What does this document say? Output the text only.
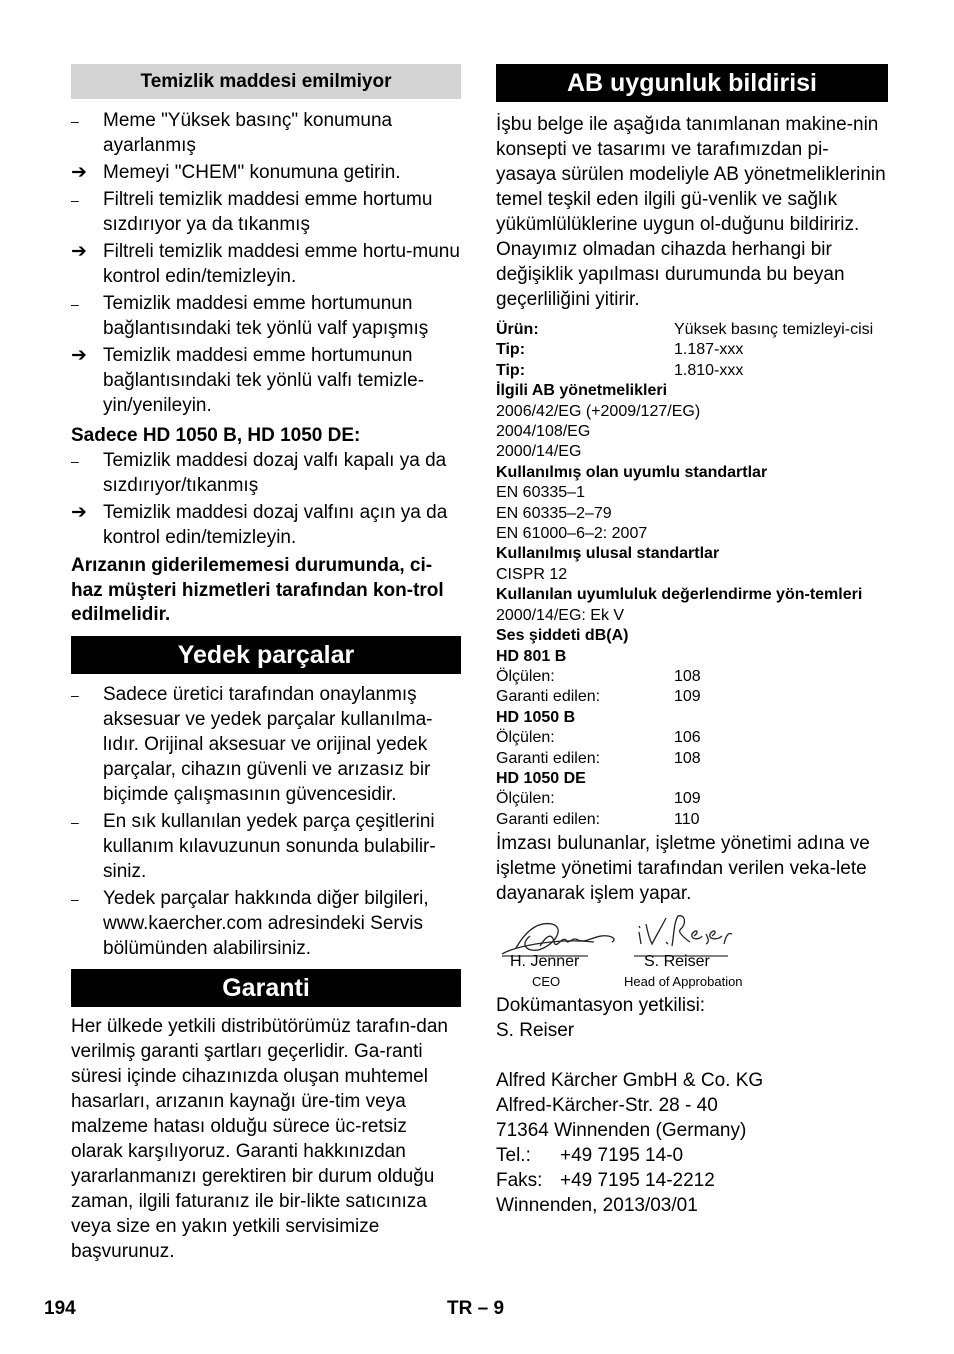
Temizlik maddesi emilmiyor
–	Meme "Yüksek basınç" konumuna ayarlanmış
➔ Memeyi "CHEM" konumuna getirin.
–	Filtreli temizlik maddesi emme hortumu sızdırıyor ya da tıkanmış
➔ Filtreli temizlik maddesi emme hortu-munu kontrol edin/temizleyin.
–	Temizlik maddesi emme hortumunun bağlantısındaki tek yönlü valf yapışmış
➔ Temizlik maddesi emme hortumunun bağlantısındaki tek yönlü valfı temizle-yin/yenileyin.
Sadece HD 1050 B, HD 1050 DE:
–	Temizlik maddesi dozaj valfı kapalı ya da sızdırıyor/tıkanmış
➔ Temizlik maddesi dozaj valfını açın ya da kontrol edin/temizleyin.
Arızanın giderilememesi durumunda, ci-haz müşteri hizmetleri tarafından kon-trol edilmelidir.
Yedek parçalar
–	Sadece üretici tarafından onaylanmış aksesuar ve yedek parçalar kullanılma-lıdır. Orijinal aksesuar ve orijinal yedek parçalar, cihazın güvenli ve arızasız bir biçimde çalışmasının güvencesidir.
–	En sık kullanılan yedek parça çeşitlerini kullanım kılavuzunun sonunda bulabilir-siniz.
–	Yedek parçalar hakkında diğer bilgileri, www.kaercher.com adresindeki Servis bölümünden alabilirsiniz.
Garanti
Her ülkede yetkili distribütörümüz tarafın-dan verilmiş garanti şartları geçerlidir. Ga-ranti süresi içinde cihazınızda oluşan muhtemel hasarları, arızanın kaynağı üre-tim veya malzeme hatası olduğu sürece üc-retsiz olarak karşılıyoruz. Garanti hakkınızdan yararlanmanızı gerektiren bir durum olduğu zaman, ilgili faturanız ile bir-likte satıcınıza veya size en yakın yetkili servisimize başvurunuz.
AB uygunluk bildirisi
İşbu belge ile aşağıda tanımlanan makine-nin konsepti ve tasarımı ve tarafımızdan pi-yasaya sürülen modeliyle AB yönetmeliklerinin temel teşkil eden ilgili gü-venlik ve sağlık yükümlülüklerine uygun ol-duğunu bildiririz. Onayımız olmadan cihazda herhangi bir değişiklik yapılması durumunda bu beyan geçerliliğini yitirir.
Ürün:	Yüksek basınç temizleyi-cisi
Tip:	1.187-xxx
Tip:	1.810-xxx
İlgili AB yönetmelikleri
2006/42/EG (+2009/127/EG)
2004/108/EG
2000/14/EG
Kullanılmış olan uyumlu standartlar
EN 60335–1
EN 60335–2–79
EN 61000–6–2: 2007
Kullanılmış ulusal standartlar
CISPR 12
Kullanılan uyumluluk değerlendirme yön-temleri
2000/14/EG: Ek V
Ses şiddeti dB(A)
HD 801 B
Ölçülen:	108
Garanti edilen:	109
HD 1050 B
Ölçülen:	106
Garanti edilen:	108
HD 1050 DE
Ölçülen:	109
Garanti edilen:	110
İmzası bulunanlar, işletme yönetimi adına ve işletme yönetimi tarafından verilen veka-lete dayanarak işlem yapar.
H. Jenner
CEO
S. Reiser
Head of Approbation
Dokümantasyon yetkilisi:
S. Reiser
Alfred Kärcher GmbH & Co. KG
Alfred-Kärcher-Str. 28 - 40
71364 Winnenden (Germany)
Tel.: +49 7195 14-0
Faks: +49 7195 14-2212
Winnenden, 2013/03/01
194	TR – 9
